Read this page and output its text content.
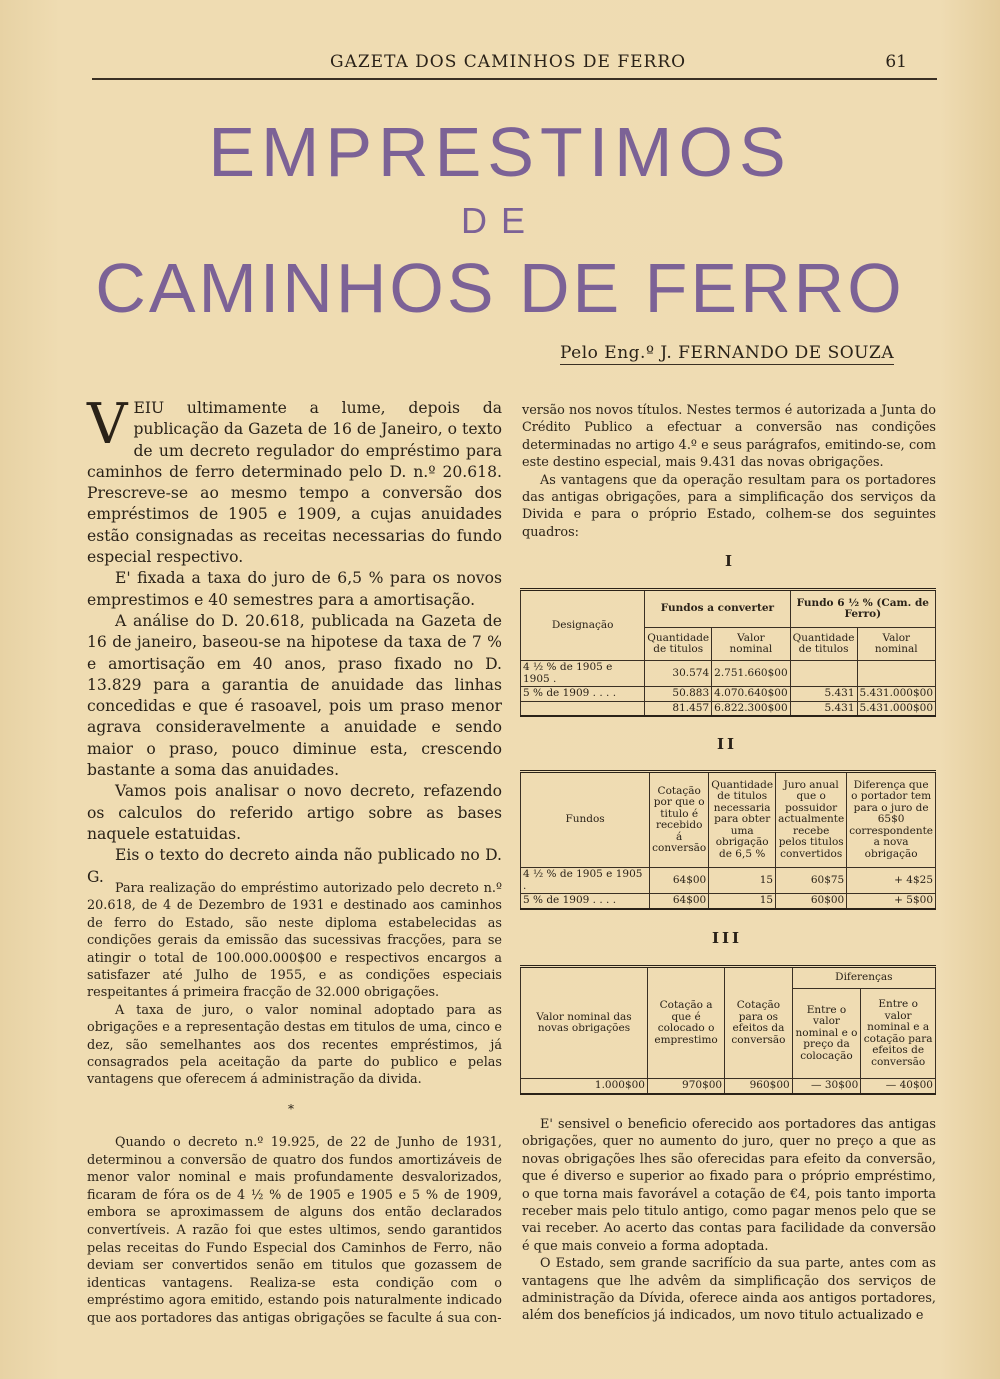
GAZETA DOS CAMINHOS DE FERRO	61
EMPRESTIMOS
DE
CAMINHOS DE FERRO
Pelo Eng.º J. FERNANDO DE SOUZA

VEIU ultimamente a lume, depois da publicação da Gazeta de 16 de Janeiro, o texto de um decreto regulador do empréstimo para caminhos de ferro determinado pelo D. n.º 20.618. Prescreve-se ao mesmo tempo a conversão dos empréstimos de 1905 e 1909, a cujas anuidades estão consignadas as receitas necessarias do fundo especial respectivo.

E' fixada a taxa do juro de 6,5 % para os novos emprestimos e 40 semestres para a amortisação.

A análise do D. 20.618, publicada na Gazeta de 16 de janeiro, baseou-se na hipotese da taxa de 7 % e amortisação em 40 anos, praso fixado no D. 13.829 para a garantia de anuidade das linhas concedidas e que é rasoavel, pois um praso menor agrava consideravelmente a anuidade e sendo maior o praso, pouco diminue esta, crescendo bastante a soma das anuidades.

Vamos pois analisar o novo decreto, refazendo os calculos do referido artigo sobre as bases naquele estatuidas.

Eis o texto do decreto ainda não publicado no D. G.

Para realização do empréstimo autorizado pelo decreto n.º 20.618, de 4 de Dezembro de 1931 e destinado aos caminhos de ferro do Estado, são neste diploma estabelecidas as condições gerais da emissão das sucessivas fracções, para se atingir o total de 100.000.000$00 e respectivos encargos a satisfazer até Julho de 1955, e as condições especiais respeitantes á primeira fracção de 32.000 obrigações.

A taxa de juro, o valor nominal adoptado para as obrigações e a representação destas em titulos de uma, cinco e dez, são semelhantes aos dos recentes empréstimos, já consagrados pela aceitação da parte do publico e pelas vantagens que oferecem á administração da divida.

*

Quando o decreto n.º 19.925, de 22 de Junho de 1931, determinou a conversão de quatro dos fundos amortizáveis de menor valor nominal e mais profundamente desvalorizados, ficaram de fóra os de 4 ½ % de 1905 e 1905 e 5 % de 1909, embora se aproximassem de alguns dos então declarados convertíveis. A razão foi que estes ultimos, sendo garantidos pelas receitas do Fundo Especial dos Caminhos de Ferro, não deviam ser convertidos senão em titulos que gozassem de identicas vantagens. Realiza-se esta condição com o empréstimo agora emitido, estando pois naturalmente indicado que aos portadores das antigas obrigações se faculte á sua con-

versão nos novos títulos. Nestes termos é autorizada a Junta do Crédito Publico a efectuar a conversão nas condições determinadas no artigo 4.º e seus parágrafos, emitindo-se, com este destino especial, mais 9.431 das novas obrigações.

As vantagens que da operação resultam para os portadores das antigas obrigações, para a simplificação dos serviços da Divida e para o próprio Estado, colhem-se dos seguintes quadros:

I
Designação	Fundos a converter		Fundo 6 ½ % (Cam. de Ferro)	
	Quantidade de titulos	Valor nominal	Quantidade de titulos	Valor nominal
4 ½ % de 1905 e 1905 .	30.574	2.751.660$00		
5 % de 1909 . . . .	50.883	4.070.640$00	5.431	5.431.000$00
	81.457	6.822.300$00	5.431	5.431.000$00
II
Fundos	Cotação por que o titulo é recebido á conversão	Quantidade de titulos necessaria para obter uma obrigação de 6,5 %	Juro anual que o possuidor actualmente recebe pelos titulos convertidos	Diferença que o portador tem para o juro de 65$0 correspondente a nova obrigação
4 ½ % de 1905 e 1905 .	64$00	15	60$75	+ 4$25
5 % de 1909 . . . .	64$00	15	60$00	+ 5$00
III
Valor nominal das novas obrigações	Cotação a que é colocado o emprestimo	Cotação para os efeitos da conversão	Diferenças	
			Entre o valor nominal e o preço da colocação	Entre o valor nominal e a cotação para efeitos de conversão
1.000$00	970$00	960$00	— 30$00	— 40$00

E' sensivel o beneficio oferecido aos portadores das antigas obrigações, quer no aumento do juro, quer no preço a que as novas obrigações lhes são oferecidas para efeito da conversão, que é diverso e superior ao fixado para o próprio empréstimo, o que torna mais favorável a cotação de €4, pois tanto importa receber mais pelo titulo antigo, como pagar menos pelo que se vai receber. Ao acerto das contas para facilidade da conversão é que mais conveio a forma adoptada.

O Estado, sem grande sacrifício da sua parte, antes com as vantagens que lhe advêm da simplificação dos serviços de administração da Dívida, oferece ainda aos antigos portadores, além dos benefícios já indicados, um novo titulo actualizado e
